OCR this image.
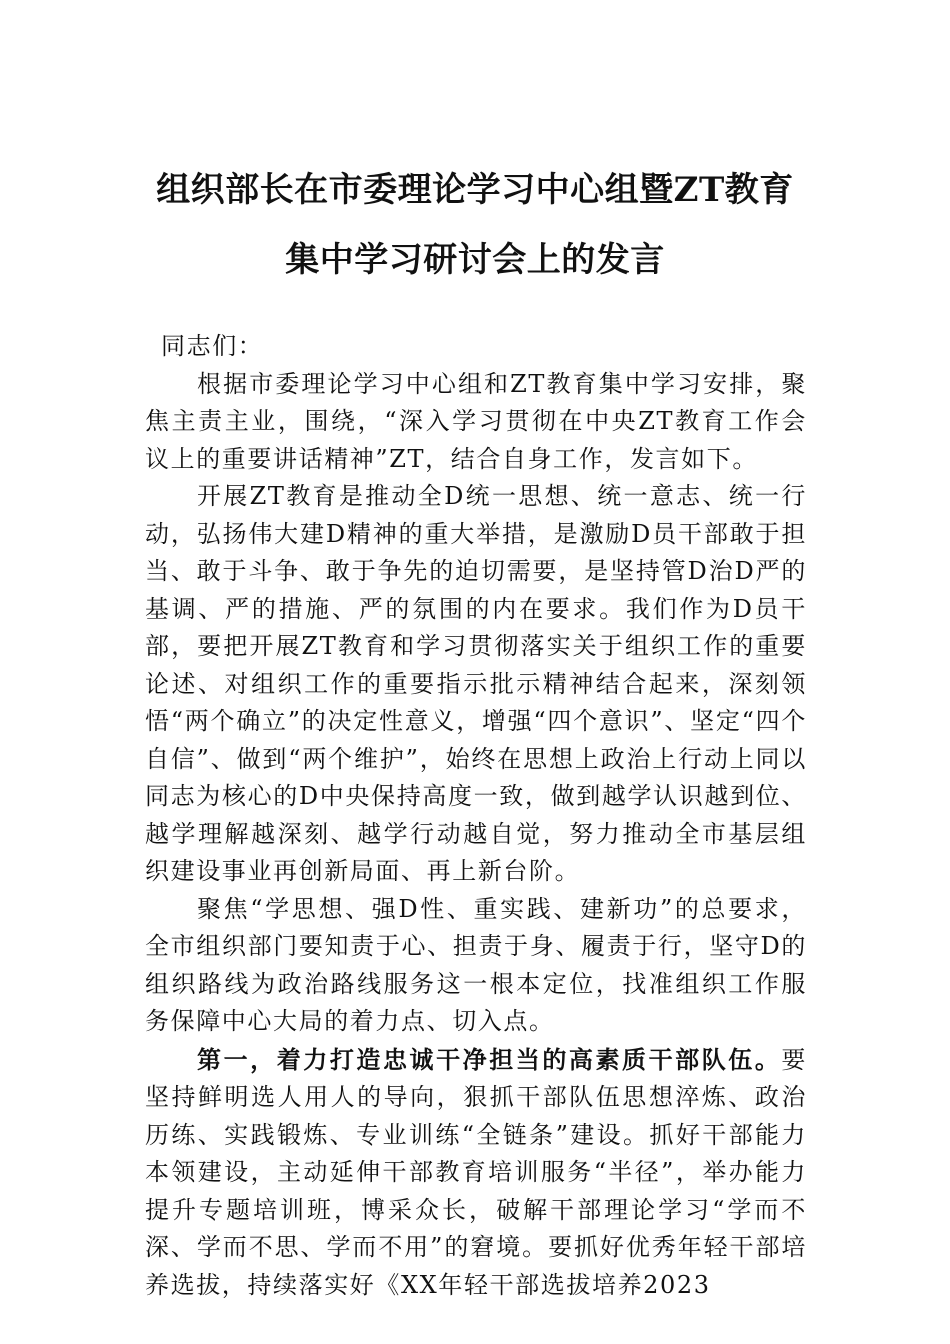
组织部长在市委理论学习中心组暨ZT教育
集中学习研讨会上的发言

同志们：

根据市委理论学习中心组和ZT教育集中学习安排，聚焦主责主业，围绕，“深入学习贯彻在中央ZT教育工作会议上的重要讲话精神”ZT，结合自身工作，发言如下。

开展ZT教育是推动全D统一思想、统一意志、统一行动，弘扬伟大建D精神的重大举措，是激励D员干部敢于担当、敢于斗争、敢于争先的迫切需要，是坚持管D治D严的基调、严的措施、严的氛围的内在要求。我们作为D员干部，要把开展ZT教育和学习贯彻落实关于组织工作的重要论述、对组织工作的重要指示批示精神结合起来，深刻领悟“两个确立”的决定性意义，增强“四个意识”、坚定“四个自信”、做到“两个维护”，始终在思想上政治上行动上同以同志为核心的D中央保持高度一致，做到越学认识越到位、越学理解越深刻、越学行动越自觉，努力推动全市基层组织建设事业再创新局面、再上新台阶。

聚焦“学思想、强D性、重实践、建新功”的总要求，全市组织部门要知责于心、担责于身、履责于行，坚守D的组织路线为政治路线服务这一根本定位，找准组织工作服务保障中心大局的着力点、切入点。

第一，着力打造忠诚干净担当的高素质干部队伍。要坚持鲜明选人用人的导向，狠抓干部队伍思想淬炼、政治历练、实践锻炼、专业训练“全链条”建设。抓好干部能力本领建设，主动延伸干部教育培训服务“半径”，举办能力提升专题培训班，博采众长，破解干部理论学习“学而不深、学而不思、学而不用”的窘境。要抓好优秀年轻干部培养选拔，持续落实好《XX年轻干部选拔培养2023
